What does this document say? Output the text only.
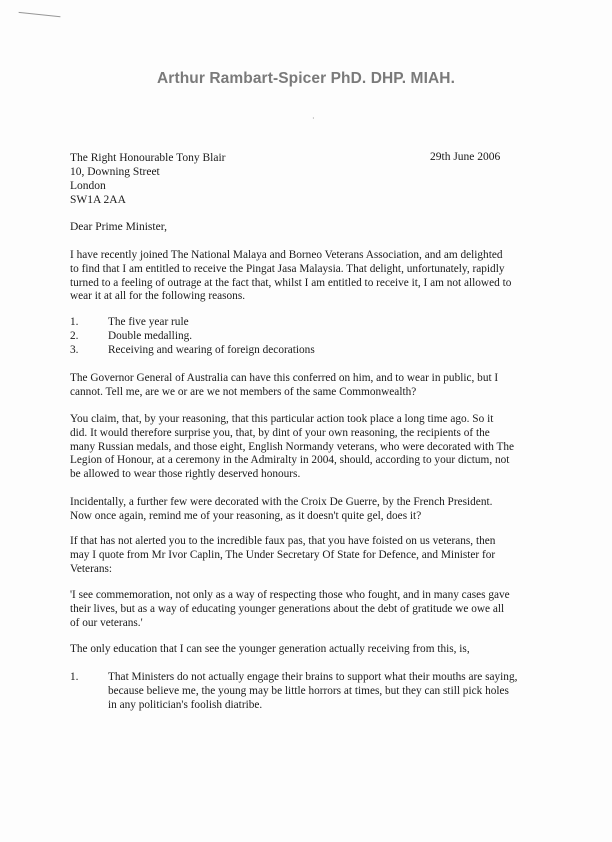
·
Arthur Rambart-Spicer PhD. DHP. MIAH.
The Right Honourable Tony Blair
10, Downing Street
London
SW1A 2AA
29th June 2006
Dear Prime Minister,

I have recently joined The National Malaya and Borneo Veterans Association, and am delighted
to find that I am entitled to receive the Pingat Jasa Malaysia. That delight, unfortunately, rapidly
turned to a feeling of outrage at the fact that, whilst I am entitled to receive it, I am not allowed to
wear it at all for the following reasons.

1.	The five year rule
2.	Double medalling.
3.	Receiving and wearing of foreign decorations

The Governor General of Australia can have this conferred on him, and to wear in public, but I
cannot. Tell me, are we or are we not members of the same Commonwealth?

You claim, that, by your reasoning, that this particular action took place a long time ago. So it
did. It would therefore surprise you, that, by dint of your own reasoning, the recipients of the
many Russian medals, and those eight, English Normandy veterans, who were decorated with The
Legion of Honour, at a ceremony in the Admiralty in 2004, should, according to your dictum, not
be allowed to wear those rightly deserved honours.

Incidentally, a further few were decorated with the Croix De Guerre, by the French President.
Now once again, remind me of your reasoning, as it doesn't quite gel, does it?

If that has not alerted you to the incredible faux pas, that you have foisted on us veterans, then
may I quote from Mr Ivor Caplin, The Under Secretary Of State for Defence, and Minister for
Veterans:

'I see commemoration, not only as a way of respecting those who fought, and in many cases gave
their lives, but as a way of educating younger generations about the debt of gratitude we owe all
of our veterans.'

The only education that I can see the younger generation actually receiving from this, is,

1.	That Ministers do not actually engage their brains to support what their mouths are saying,
because believe me, the young may be little horrors at times, but they can still pick holes
in any politician's foolish diatribe.
